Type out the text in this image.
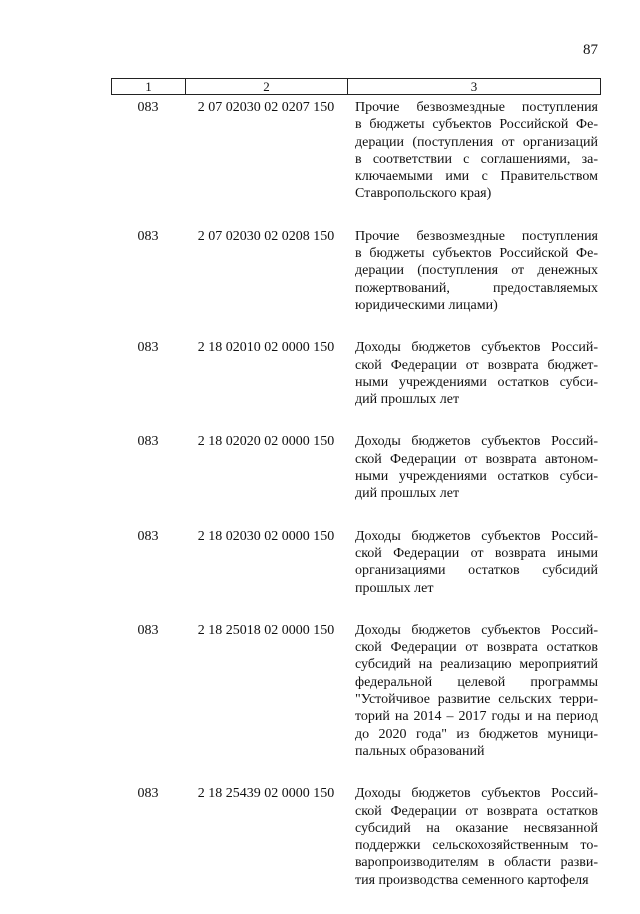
87
1	2	3
083	2 07 02030 02 0207 150	Прочие безвозмездные поступления
в бюджеты субъектов Российской Фе-
дерации (поступления от организаций
в соответствии с соглашениями, за-
ключаемыми ими с Правительством
Ставропольского края)
083	2 07 02030 02 0208 150	Прочие безвозмездные поступления
в бюджеты субъектов Российской Фе-
дерации (поступления от денежных
пожертвований, предоставляемых
юридическими лицами)
083	2 18 02010 02 0000 150	Доходы бюджетов субъектов Россий-
ской Федерации от возврата бюджет-
ными учреждениями остатков субси-
дий прошлых лет
083	2 18 02020 02 0000 150	Доходы бюджетов субъектов Россий-
ской Федерации от возврата автоном-
ными учреждениями остатков субси-
дий прошлых лет
083	2 18 02030 02 0000 150	Доходы бюджетов субъектов Россий-
ской Федерации от возврата иными
организациями остатков субсидий
прошлых лет
083	2 18 25018 02 0000 150	Доходы бюджетов субъектов Россий-
ской Федерации от возврата остатков
субсидий на реализацию мероприятий
федеральной целевой программы
"Устойчивое развитие сельских терри-
торий на 2014 – 2017 годы и на период
до 2020 года" из бюджетов муници-
пальных образований
083	2 18 25439 02 0000 150	Доходы бюджетов субъектов Россий-
ской Федерации от возврата остатков
субсидий на оказание несвязанной
поддержки сельскохозяйственным то-
варопроизводителям в области разви-
тия производства семенного картофеля
